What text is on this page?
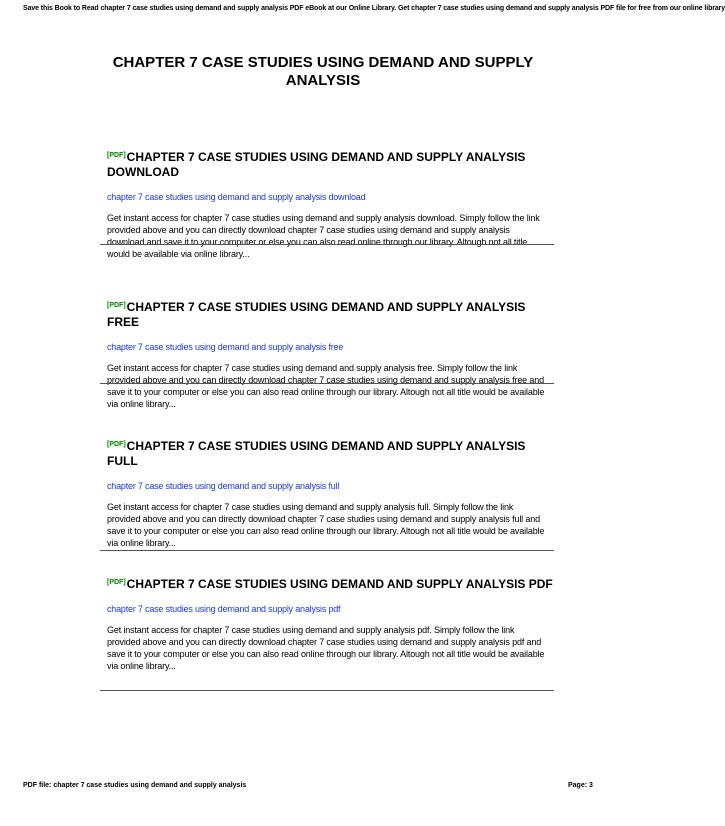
Save this Book to Read chapter 7 case studies using demand and supply analysis PDF eBook at our Online Library. Get chapter 7 case studies using demand and supply analysis PDF file for free from our online library
CHAPTER 7 CASE STUDIES USING DEMAND AND SUPPLY
ANALYSIS
[PDF]CHAPTER 7 CASE STUDIES USING DEMAND AND SUPPLY ANALYSIS DOWNLOAD
chapter 7 case studies using demand and supply analysis download

Get instant access for chapter 7 case studies using demand and supply analysis download. Simply follow the link provided above and you can directly download chapter 7 case studies using demand and supply analysis download and save it to your computer or else you can also read online through our library. Altough not all title would be available via online library...

[PDF]CHAPTER 7 CASE STUDIES USING DEMAND AND SUPPLY ANALYSIS FREE
chapter 7 case studies using demand and supply analysis free

Get instant access for chapter 7 case studies using demand and supply analysis free. Simply follow the link provided above and you can directly download chapter 7 case studies using demand and supply analysis free and save it to your computer or else you can also read online through our library. Altough not all title would be available via online library...

[PDF]CHAPTER 7 CASE STUDIES USING DEMAND AND SUPPLY ANALYSIS FULL
chapter 7 case studies using demand and supply analysis full

Get instant access for chapter 7 case studies using demand and supply analysis full. Simply follow the link provided above and you can directly download chapter 7 case studies using demand and supply analysis full and save it to your computer or else you can also read online through our library. Altough not all title would be available via online library...

[PDF]CHAPTER 7 CASE STUDIES USING DEMAND AND SUPPLY ANALYSIS PDF
chapter 7 case studies using demand and supply analysis pdf

Get instant access for chapter 7 case studies using demand and supply analysis pdf. Simply follow the link provided above and you can directly download chapter 7 case studies using demand and supply analysis pdf and save it to your computer or else you can also read online through our library. Altough not all title would be available via online library...

PDF file: chapter 7 case studies using demand and supply analysis	Page: 3
